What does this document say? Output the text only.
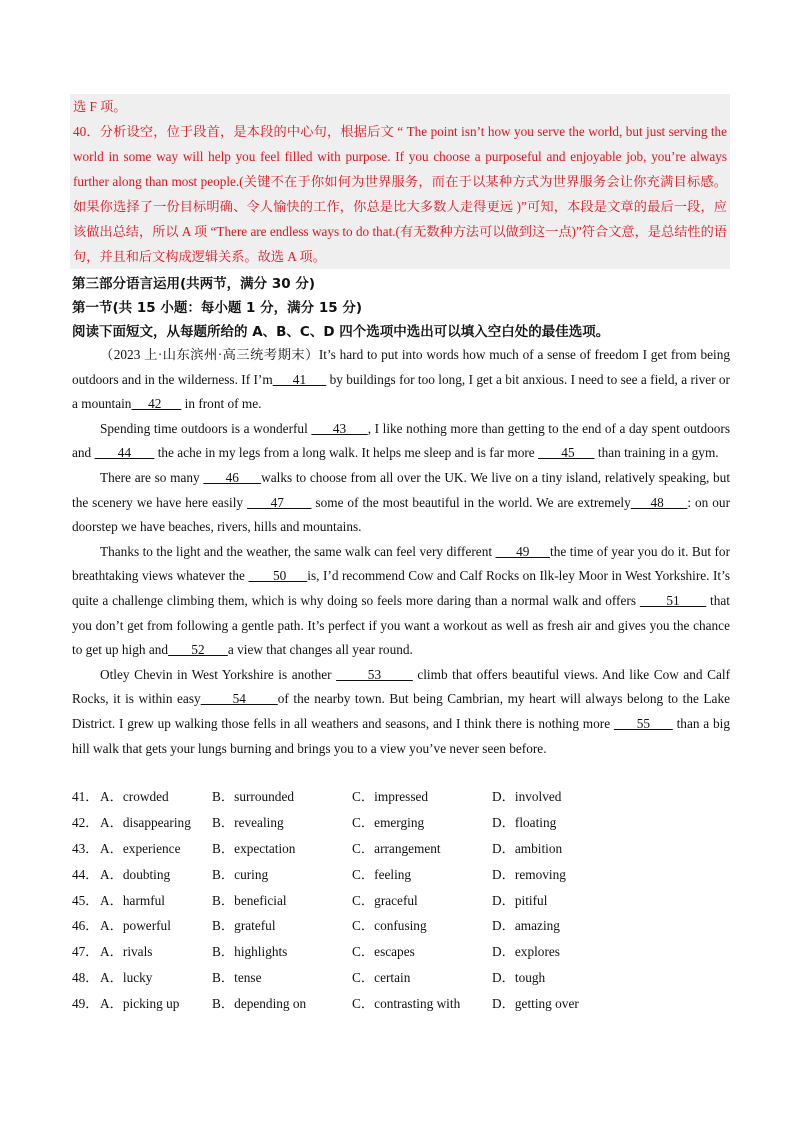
选 F 项。

40．分析设空，位于段首，是本段的中心句，根据后文 “ The point isn’t how you serve the world, but just serving the world in some way will help you feel filled with purpose. If you choose a purposeful and enjoyable job, you’re always further along than most people.(关键不在于你如何为世界服务，而在于以某种方式为世界服务会让你充满目标感。如果你选择了一份目标明确、令人愉快的工作，你总是比大多数人走得更远 )”可知，本段是文章的最后一段，应该做出总结，所以 A 项 “There are endless ways to do that.(有无数种方法可以做到这一点)”符合文意，是总结性的语句，并且和后文构成逻辑关系。故选 A 项。

第三部分语言运用(共两节，满分 30 分)
第一节(共 15 小题：每小题 1 分，满分 15 分)
阅读下面短文，从每题所给的 A、B、C、D 四个选项中选出可以填入空白处的最佳选项。

（2023 上·山东滨州·高三统考期末）It’s hard to put into words how much of a sense of freedom I get from being outdoors and in the wilderness. If I’m      41       by buildings for too long, I get a bit anxious. I need to see a field, a river or a mountain     42       in front of me.

Spending time outdoors is a wonderful       43      , I like nothing more than getting to the end of a day spent outdoors and        44        the ache in my legs from a long walk. It helps me sleep and is far more        45       than training in a gym.

There are so many       46      walks to choose from all over the UK. We live on a tiny island, relatively speaking, but the scenery we have here easily       47        some of the most beautiful in the world. We are extremely     48      : on our doorstep we have beaches, rivers, hills and mountains.

Thanks to the light and the weather, the same walk can feel very different       49      the time of year you do it. But for breathtaking views whatever the        50      is, I’d recommend Cow and Calf Rocks on Ilk-ley Moor in West Yorkshire. It’s quite a challenge climbing them, which is why doing so feels more daring than a normal walk and offers        51        that you don’t get from following a gentle path. It’s perfect if you want a workout as well as fresh air and gives you the chance to get up high and       52       a view that changes all year round.

Otley Chevin in West Yorkshire is another        53        climb that offers beautiful views. And like Cow and Calf Rocks, it is within easy       54       of the nearby town. But being Cambrian, my heart will always belong to the Lake District. I grew up walking those fells in all weathers and seasons, and I think there is nothing more       55       than a big hill walk that gets your lungs burning and brings you to a view you’ve never seen before.

41． A．crowded	B．surrounded	C．impressed	D．involved
42． A．disappearing	B．revealing	C．emerging	D．floating
43． A．experience	B．expectation	C．arrangement	D．ambition
44． A．doubting	B．curing	C．feeling	D．removing
45． A．harmful	B．beneficial	C．graceful	D．pitiful
46． A．powerful	B．grateful	C．confusing	D．amazing
47． A．rivals	B．highlights	C．escapes	D．explores
48． A．lucky	B．tense	C．certain	D．tough
49． A．picking up	B．depending on	C．contrasting with	D．getting over
